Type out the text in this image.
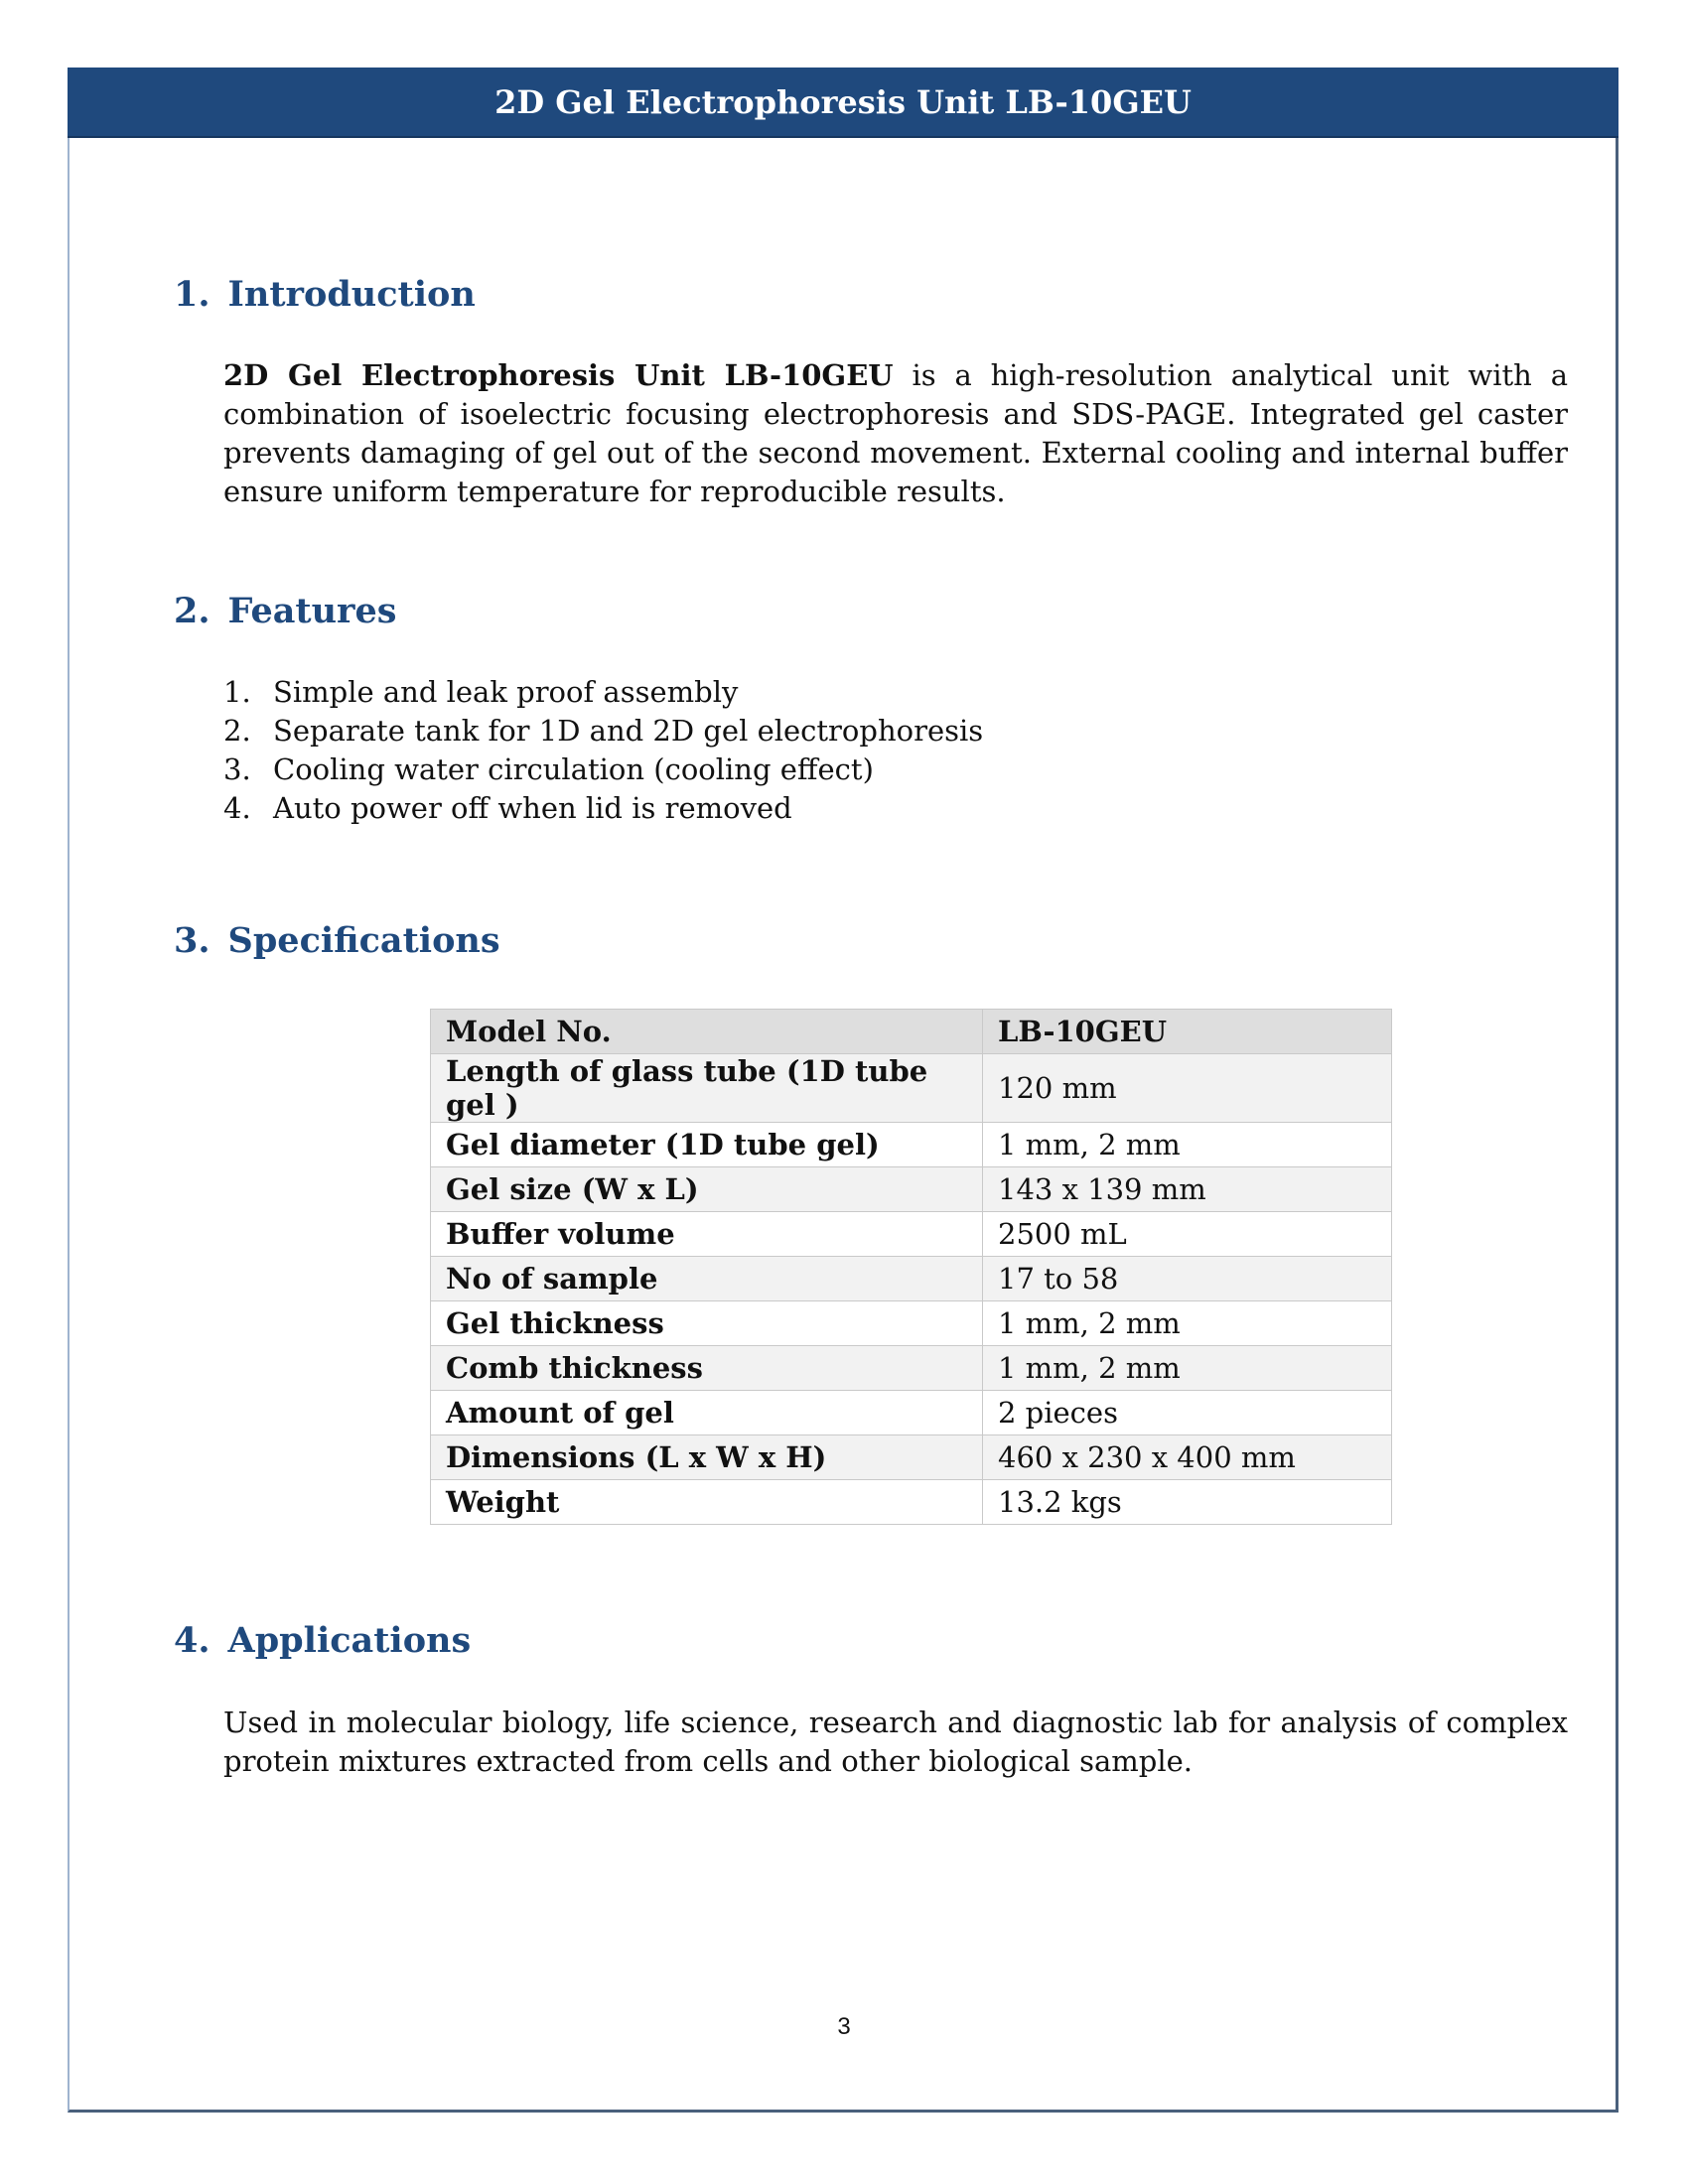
2D Gel Electrophoresis Unit LB-10GEU
1. Introduction
2D Gel Electrophoresis Unit LB-10GEU is a high-resolution analytical unit with a combination of isoelectric focusing electrophoresis and SDS-PAGE. Integrated gel caster prevents damaging of gel out of the second movement. External cooling and internal buffer ensure uniform temperature for reproducible results.
2. Features
1. Simple and leak proof assembly
2. Separate tank for 1D and 2D gel electrophoresis
3. Cooling water circulation (cooling effect)
4. Auto power off when lid is removed
3. Specifications
Model No.	LB-10GEU
Length of glass tube (1D tube gel )	120 mm
Gel diameter (1D tube gel)	1 mm, 2 mm
Gel size (W x L)	143 x 139 mm
Buffer volume	2500 mL
No of sample	17 to 58
Gel thickness	1 mm, 2 mm
Comb thickness	1 mm, 2 mm
Amount of gel	2 pieces
Dimensions (L x W x H)	460 x 230 x 400 mm
Weight	13.2 kgs
4. Applications
Used in molecular biology, life science, research and diagnostic lab for analysis of complex protein mixtures extracted from cells and other biological sample.
3
